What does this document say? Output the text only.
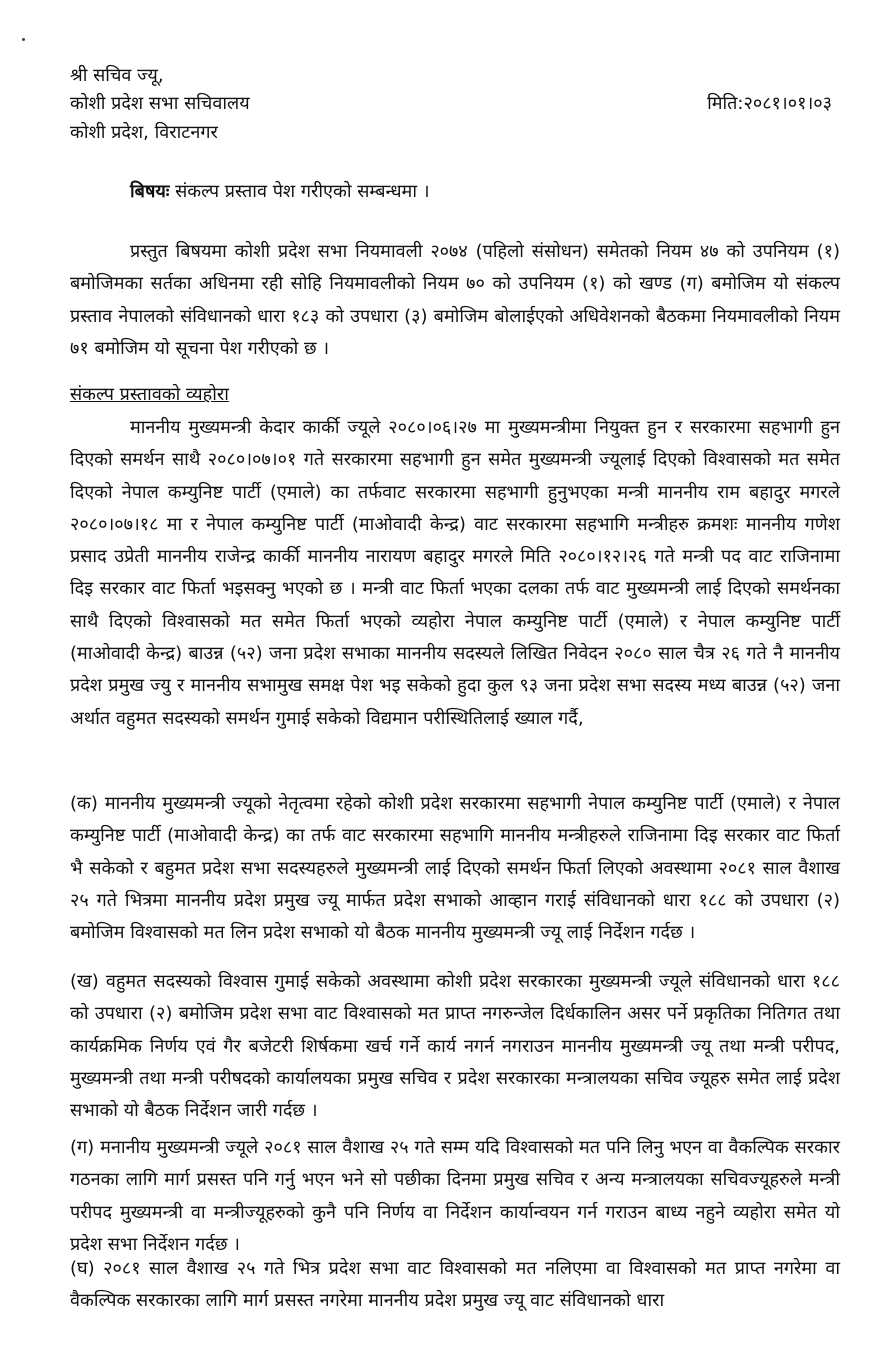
श्री सचिव ज्यू,
कोशी प्रदेश सभा सचिवालय
कोशी प्रदेश, विराटनगर
मिति:२०८१।०१।०३
बिषयः संकल्प प्रस्ताव पेश गरीएको सम्बन्धमा ।

प्रस्तुत बिषयमा कोशी प्रदेश सभा नियमावली २०७४ (पहिलो संसोधन) समेतको नियम ४७ को उपनियम (१) बमोजिमका सर्तका अधिनमा रही सोहि नियमावलीको नियम ७० को उपनियम (१) को खण्ड (ग) बमोजिम यो संकल्प प्रस्ताव नेपालको संविधानको धारा १८३ को उपधारा (३) बमोजिम बोलाईएको अधिवेशनको बैठकमा नियमावलीको नियम ७१ बमोजिम यो सूचना पेश गरीएको छ ।

संकल्प प्रस्तावको व्यहोरा

माननीय मुख्यमन्त्री केदार कार्की ज्यूले २०८०।०६।२७ मा मुख्यमन्त्रीमा नियुक्त हुन र सरकारमा सहभागी हुन दिएको समर्थन साथै २०८०।०७।०१ गते सरकारमा सहभागी हुन समेत मुख्यमन्त्री ज्यूलाई दिएको विश्वासको मत समेत दिएको नेपाल कम्युनिष्ट पार्टी (एमाले) का तर्फवाट सरकारमा सहभागी हुनुभएका मन्त्री माननीय राम बहादुर मगरले २०८०।०७।१८ मा र नेपाल कम्युनिष्ट पार्टी (माओवादी केन्द्र) वाट सरकारमा सहभागि मन्त्रीहरु क्रमशः माननीय गणेश प्रसाद उप्रेती माननीय राजेन्द्र कार्की माननीय नारायण बहादुर मगरले मिति २०८०।१२।२६ गते मन्त्री पद वाट राजिनामा दिइ सरकार वाट फिर्ता भइसक्नु भएको छ । मन्त्री वाट फिर्ता भएका दलका तर्फ वाट मुख्यमन्त्री लाई दिएको समर्थनका साथै दिएको विश्वासको मत समेत फिर्ता भएको व्यहोरा नेपाल कम्युनिष्ट पार्टी (एमाले) र नेपाल कम्युनिष्ट पार्टी (माओवादी केन्द्र) बाउन्न (५२) जना प्रदेश सभाका माननीय सदस्यले लिखित निवेदन २०८० साल चैत्र २६ गते नै माननीय प्रदेश प्रमुख ज्यु र माननीय सभामुख समक्ष पेश भइ सकेको हुदा कुल ९३ जना प्रदेश सभा सदस्य मध्य बाउन्न (५२) जना अर्थात वहुमत सदस्यको समर्थन गुमाई सकेको विद्यमान परीस्थितिलाई ख्याल गर्दै,

(क) माननीय मुख्यमन्त्री ज्यूको नेतृत्वमा रहेको कोशी प्रदेश सरकारमा सहभागी नेपाल कम्युनिष्ट पार्टी (एमाले) र नेपाल कम्युनिष्ट पार्टी (माओवादी केन्द्र) का तर्फ वाट सरकारमा सहभागि माननीय मन्त्रीहरुले राजिनामा दिइ सरकार वाट फिर्ता भै सकेको र बहुमत प्रदेश सभा सदस्यहरुले मुख्यमन्त्री लाई दिएको समर्थन फिर्ता लिएको अवस्थामा २०८१ साल वैशाख २५ गते भित्रमा माननीय प्रदेश प्रमुख ज्यू मार्फत प्रदेश सभाको आव्हान गराई संविधानको धारा १८८ को उपधारा (२) बमोजिम विश्वासको मत लिन प्रदेश सभाको यो बैठक माननीय मुख्यमन्त्री ज्यू लाई निर्देशन गर्दछ ।

(ख) वहुमत सदस्यको विश्वास गुमाई सकेको अवस्थामा कोशी प्रदेश सरकारका मुख्यमन्त्री ज्यूले संविधानको धारा १८८ को उपधारा (२) बमोजिम प्रदेश सभा वाट विश्वासको मत प्राप्त नगरुन्जेल दिर्धकालिन असर पर्ने प्रकृतिका नितिगत तथा कार्यक्रमिक निर्णय एवं गैर बजेटरी शिर्षकमा खर्च गर्ने कार्य नगर्न नगराउन माननीय मुख्यमन्त्री ज्यू तथा मन्त्री परीपद, मुख्यमन्त्री तथा मन्त्री परीषदको कार्यालयका प्रमुख सचिव र प्रदेश सरकारका मन्त्रालयका सचिव ज्यूहरु समेत लाई प्रदेश सभाको यो बैठक निर्देशन जारी गर्दछ ।

(ग) मनानीय मुख्यमन्त्री ज्यूले २०८१ साल वैशाख २५ गते सम्म यदि विश्वासको मत पनि लिनु भएन वा वैकल्पिक सरकार गठनका लागि मार्ग प्रसस्त पनि गर्नु भएन भने सो पछीका दिनमा प्रमुख सचिव र अन्य मन्त्रालयका सचिवज्यूहरुले मन्त्री परीपद मुख्यमन्त्री वा मन्त्रीज्यूहरुको कुनै पनि निर्णय वा निर्देशन कार्यान्वयन गर्न गराउन बाध्य नहुने व्यहोरा समेत यो प्रदेश सभा निर्देशन गर्दछ ।

(घ) २०८१ साल वैशाख २५ गते भित्र प्रदेश सभा वाट विश्वासको मत नलिएमा वा विश्वासको मत प्राप्त नगरेमा वा वैकल्पिक सरकारका लागि मार्ग प्रसस्त नगरेमा माननीय प्रदेश प्रमुख ज्यू वाट संविधानको धारा
